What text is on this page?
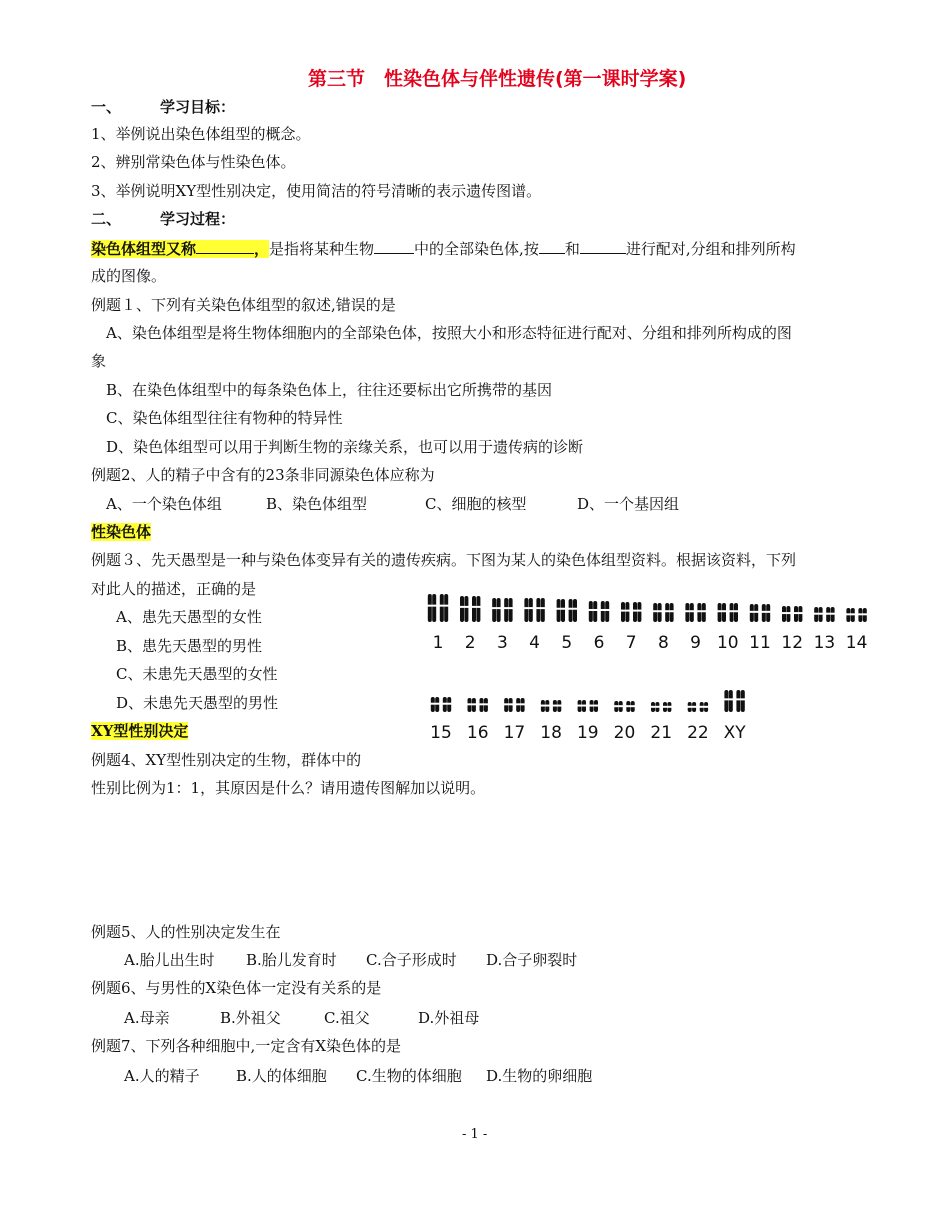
第三节　性染色体与伴性遗传(第一课时学案)
一、	学习目标：
1、举例说出染色体组型的概念。
2、辨别常染色体与性染色体。
3、举例说明XY型性别决定，使用简洁的符号清晰的表示遗传图谱。
二、	学习过程：
染色体组型又称	，是指将某种生物	中的全部染色体,按 和	进行配对,分组和排列所构
成的图像。
例题１、下列有关染色体组型的叙述,错误的是
A、染色体组型是将生物体细胞内的全部染色体，按照大小和形态特征进行配对、分组和排列所构成的图
象
B、在染色体组型中的每条染色体上，往往还要标出它所携带的基因
C、染色体组型往往有物种的特异性
D、染色体组型可以用于判断生物的亲缘关系，也可以用于遗传病的诊断
例题2、人的精子中含有的23条非同源染色体应称为
A、一个染色体组	B、染色体组型	C、细胞的核型	D、一个基因组
性染色体
例题３、先天愚型是一种与染色体变异有关的遗传疾病。下图为某人的染色体组型资料。根据该资料，下列
对此人的描述，正确的是
A、患先天愚型的女性
B、患先天愚型的男性
C、未患先天愚型的女性
D、未患先天愚型的男性
1 2 3 4 5 6 7 8 9 10 11 12 13 14
15 16 17 18 19 20 21 22 XY
XY型性别决定
例题4、XY型性别决定的生物，群体中的
性别比例为1：1，其原因是什么？请用遗传图解加以说明。
例题5、人的性别决定发生在
A.胎儿出生时 B.胎儿发育时 C.合子形成时 D.合子卵裂时
例题6、与男性的X染色体一定没有关系的是
A.母亲	B.外祖父	C.祖父	D.外祖母
例题7、下列各种细胞中,一定含有X染色体的是
A.人的精子 B.人的体细胞 C.生物的体细胞 D.生物的卵细胞
- 1 -
